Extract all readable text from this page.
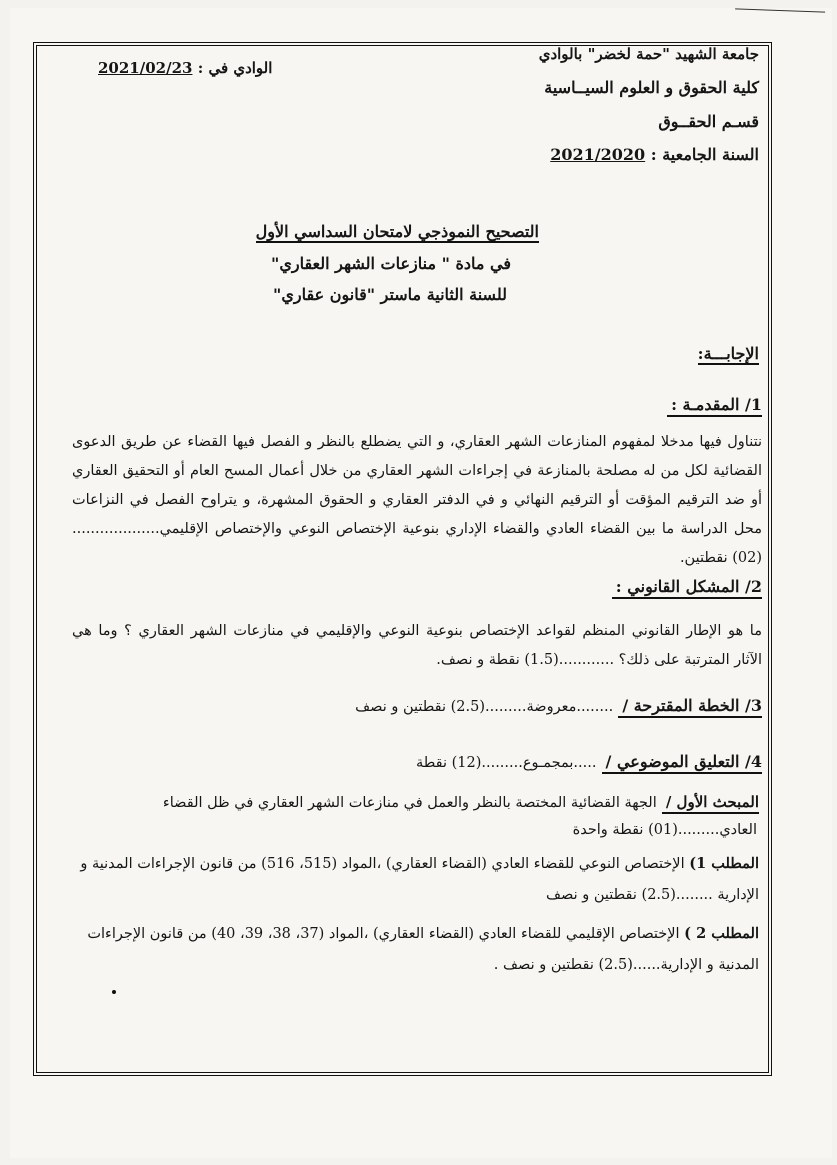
جامعة الشهيد "حمة لخضر" بالوادي
كلية الحقوق و العلوم السيــاسية
قسـم الحقــوق
السنة الجامعية : 2021/2020
الوادي في : 2021/02/23
التصحيح النموذجي لامتحان السداسي الأول
في مادة " منازعات الشهر العقاري"
للسنة الثانية ماستر "قانون عقاري"
الإجابـــة:
1/ المقدمـة :
نتناول فيها مدخلا لمفهوم المنازعات الشهر العقاري، و التي يضطلع بالنظر و الفصل فيها القضاء عن طريق الدعوى القضائية لكل من له مصلحة بالمنازعة في إجراءات الشهر العقاري من خلال أعمال المسح العام أو التحقيق العقاري أو ضد الترقيم المؤقت أو الترقيم النهائي و في الدفتر العقاري و الحقوق المشهرة، و يتراوح الفصل في النزاعات محل الدراسة ما بين القضاء العادي والقضاء الإداري بنوعية الإختصاص النوعي والإختصاص الإقليمي...................(02) نقطتين.
2/ المشكل القانوني :
ما هو الإطار القانوني المنظم لقواعد الإختصاص بنوعية النوعي والإقليمي في منازعات الشهر العقاري ؟ وما هي الآثار المترتبة على ذلك؟ ............(1.5) نقطة و نصف.
3/ الخطة المقترحة / ........معروضة.........(2.5) نقطتين و نصف
4/ التعليق الموضوعي / .....بمجمـوع.........(12) نقطة
المبحث الأول / الجهة القضائية المختصة بالنظر والعمل في منازعات الشهر العقاري في ظل القضاء
العادي.........(01) نقطة واحدة
المطلب 1) الإختصاص النوعي للقضاء العادي (القضاء العقاري) ،المواد (515، 516) من قانون الإجراءات المدنية و
الإدارية ........(2.5) نقطتين و نصف
المطلب 2 ) الإختصاص الإقليمي للقضاء العادي (القضاء العقاري) ،المواد (37، 38، 39، 40) من قانون الإجراءات
المدنية و الإدارية......(2.5) نقطتين و نصف .
